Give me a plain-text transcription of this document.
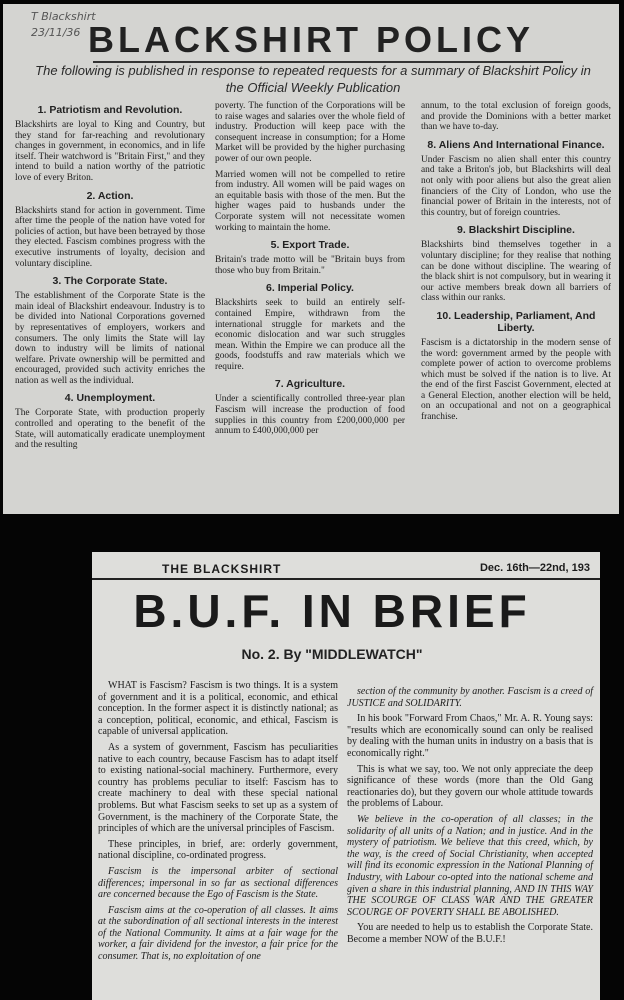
T Blackshirt
23/11/36 BLACKSHIRT POLICY
The following is published in response to repeated requests for a summary of Blackshirt Policy in the Official Weekly Publication
1. Patriotism and Revolution.

Blackshirts are loyal to King and Country, but they stand for far-reaching and revolutionary changes in government, in economics, and in life itself. Their watchword is "Britain First," and they intend to build a nation worthy of the patriotic love of every Briton.

2. Action.

Blackshirts stand for action in government. Time after time the people of the nation have voted for policies of action, but have been betrayed by those they elected. Fascism combines progress with the executive instruments of loyalty, decision and voluntary discipline.

3. The Corporate State.

The establishment of the Corporate State is the main ideal of Blackshirt endeavour. Industry is to be divided into National Corporations governed by representatives of employers, workers and consumers. The only limits the State will lay down to industry will be limits of national welfare. Private ownership will be permitted and encouraged, provided such activity enriches the nation as well as the individual.

4. Unemployment.

The Corporate State, with production properly controlled and operating to the benefit of the State, will automatically eradicate unemployment and the resulting

poverty. The function of the Corporations will be to raise wages and salaries over the whole field of industry. Production will keep pace with the consequent increase in consumption; for a Home Market will be provided by the higher purchasing power of our own people.

Married women will not be compelled to retire from industry. All women will be paid wages on an equitable basis with those of the men. But the higher wages paid to husbands under the Corporate system will not necessitate women working to maintain the home.

5. Export Trade.

Britain's trade motto will be "Britain buys from those who buy from Britain."

6. Imperial Policy.

Blackshirts seek to build an entirely self-contained Empire, withdrawn from the international struggle for markets and the economic dislocation and war such struggles mean. Within the Empire we can produce all the goods, foodstuffs and raw materials which we require.

7. Agriculture.

Under a scientifically controlled three-year plan Fascism will increase the production of food supplies in this country from £200,000,000 per annum to £400,000,000 per

annum, to the total exclusion of foreign goods, and provide the Dominions with a better market than we have to-day.

8. Aliens And International Finance.

Under Fascism no alien shall enter this country and take a Briton's job, but Blackshirts will deal not only with poor aliens but also the great alien financiers of the City of London, who use the financial power of Britain in the interests, not of this country, but of foreign countries.

9. Blackshirt Discipline.

Blackshirts bind themselves together in a voluntary discipline; for they realise that nothing can be done without discipline. The wearing of the black shirt is not compulsory, but in wearing it our active members break down all barriers of class within our ranks.

10. Leadership, Parliament, And Liberty.

Fascism is a dictatorship in the modern sense of the word: government armed by the people with complete power of action to overcome problems which must be solved if the nation is to live. At the end of the first Fascist Government, elected at a General Election, another election will be held, on an occupational and not on a geographical franchise.

THE BLACKSHIRT	Dec. 16th—22nd, 193
B.U.F. IN BRIEF
No. 2. By "MIDDLEWATCH"

WHAT is Fascism? Fascism is two things. It is a system of government and it is a political, economic, and ethical conception. In the former aspect it is distinctly national; as a conception, political, economic, and ethical, Fascism is capable of universal application.

As a system of government, Fascism has peculiarities native to each country, because Fascism has to adapt itself to existing national-social machinery. Furthermore, every country has problems peculiar to itself: Fascism has to create machinery to deal with these special national problems. But what Fascism seeks to set up as a system of Government, is the machinery of the Corporate State, the principles of which are the universal principles of Fascism.

These principles, in brief, are: orderly government, national discipline, co-ordinated progress.

Fascism is the impersonal arbiter of sectional differences; impersonal in so far as sectional differences are concerned because the Ego of Fascism is the State.

Fascism aims at the co-operation of all classes. It aims at the subordination of all sectional interests in the interest of the National Community. It aims at a fair wage for the worker, a fair dividend for the investor, a fair price for the consumer. That is, no exploitation of one

section of the community by another. Fascism is a creed of JUSTICE and SOLIDARITY.

In his book "Forward From Chaos," Mr. A. R. Young says: "results which are economically sound can only be realised by dealing with the human units in industry on a basis that is economically right."

This is what we say, too. We not only appreciate the deep significance of these words (more than the Old Gang reactionaries do), but they govern our whole attitude towards the problems of Labour.

We believe in the co-operation of all classes; in the solidarity of all units of a Nation; and in justice. And in the mystery of patriotism. We believe that this creed, which, by the way, is the creed of Social Christianity, when accepted will find its economic expression in the National Planning of Industry, with Labour co-opted into the national scheme and given a share in this industrial planning, AND IN THIS WAY THE SCOURGE OF CLASS WAR AND THE GREATER SCOURGE OF POVERTY SHALL BE ABOLISHED.

You are needed to help us to establish the Corporate State. Become a member NOW of the B.U.F.!
